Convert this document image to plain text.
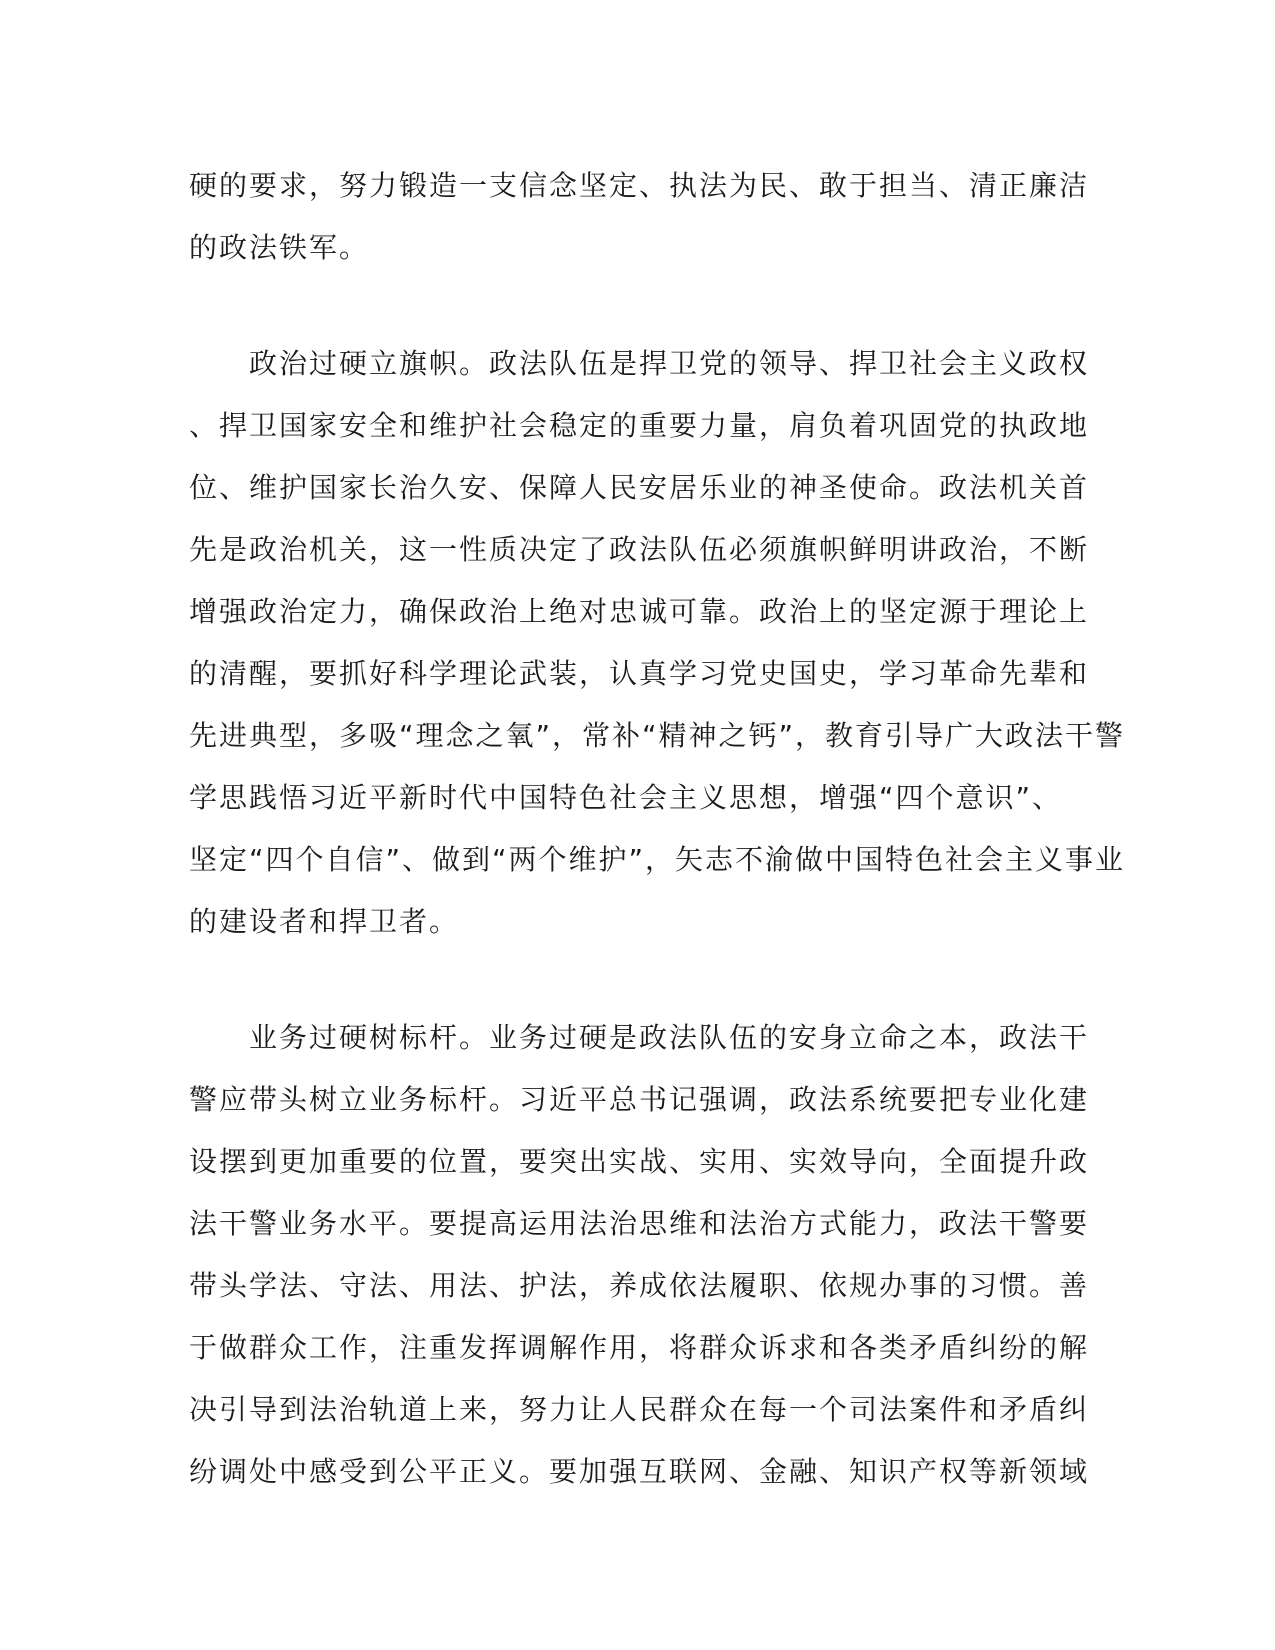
硬的要求，努力锻造一支信念坚定、执法为民、敢于担当、清正廉洁
的政法铁军。
　　政治过硬立旗帜。政法队伍是捍卫党的领导、捍卫社会主义政权
、捍卫国家安全和维护社会稳定的重要力量，肩负着巩固党的执政地
位、维护国家长治久安、保障人民安居乐业的神圣使命。政法机关首
先是政治机关，这一性质决定了政法队伍必须旗帜鲜明讲政治，不断
增强政治定力，确保政治上绝对忠诚可靠。政治上的坚定源于理论上
的清醒，要抓好科学理论武装，认真学习党史国史，学习革命先辈和
先进典型，多吸“理念之氧”，常补“精神之钙”，教育引导广大政法干警
学思践悟习近平新时代中国特色社会主义思想，增强“四个意识”、
坚定“四个自信”、做到“两个维护”，矢志不渝做中国特色社会主义事业
的建设者和捍卫者。
　　业务过硬树标杆。业务过硬是政法队伍的安身立命之本，政法干
警应带头树立业务标杆。习近平总书记强调，政法系统要把专业化建
设摆到更加重要的位置，要突出实战、实用、实效导向，全面提升政
法干警业务水平。要提高运用法治思维和法治方式能力，政法干警要
带头学法、守法、用法、护法，养成依法履职、依规办事的习惯。善
于做群众工作，注重发挥调解作用，将群众诉求和各类矛盾纠纷的解
决引导到法治轨道上来，努力让人民群众在每一个司法案件和矛盾纠
纷调处中感受到公平正义。要加强互联网、金融、知识产权等新领域
